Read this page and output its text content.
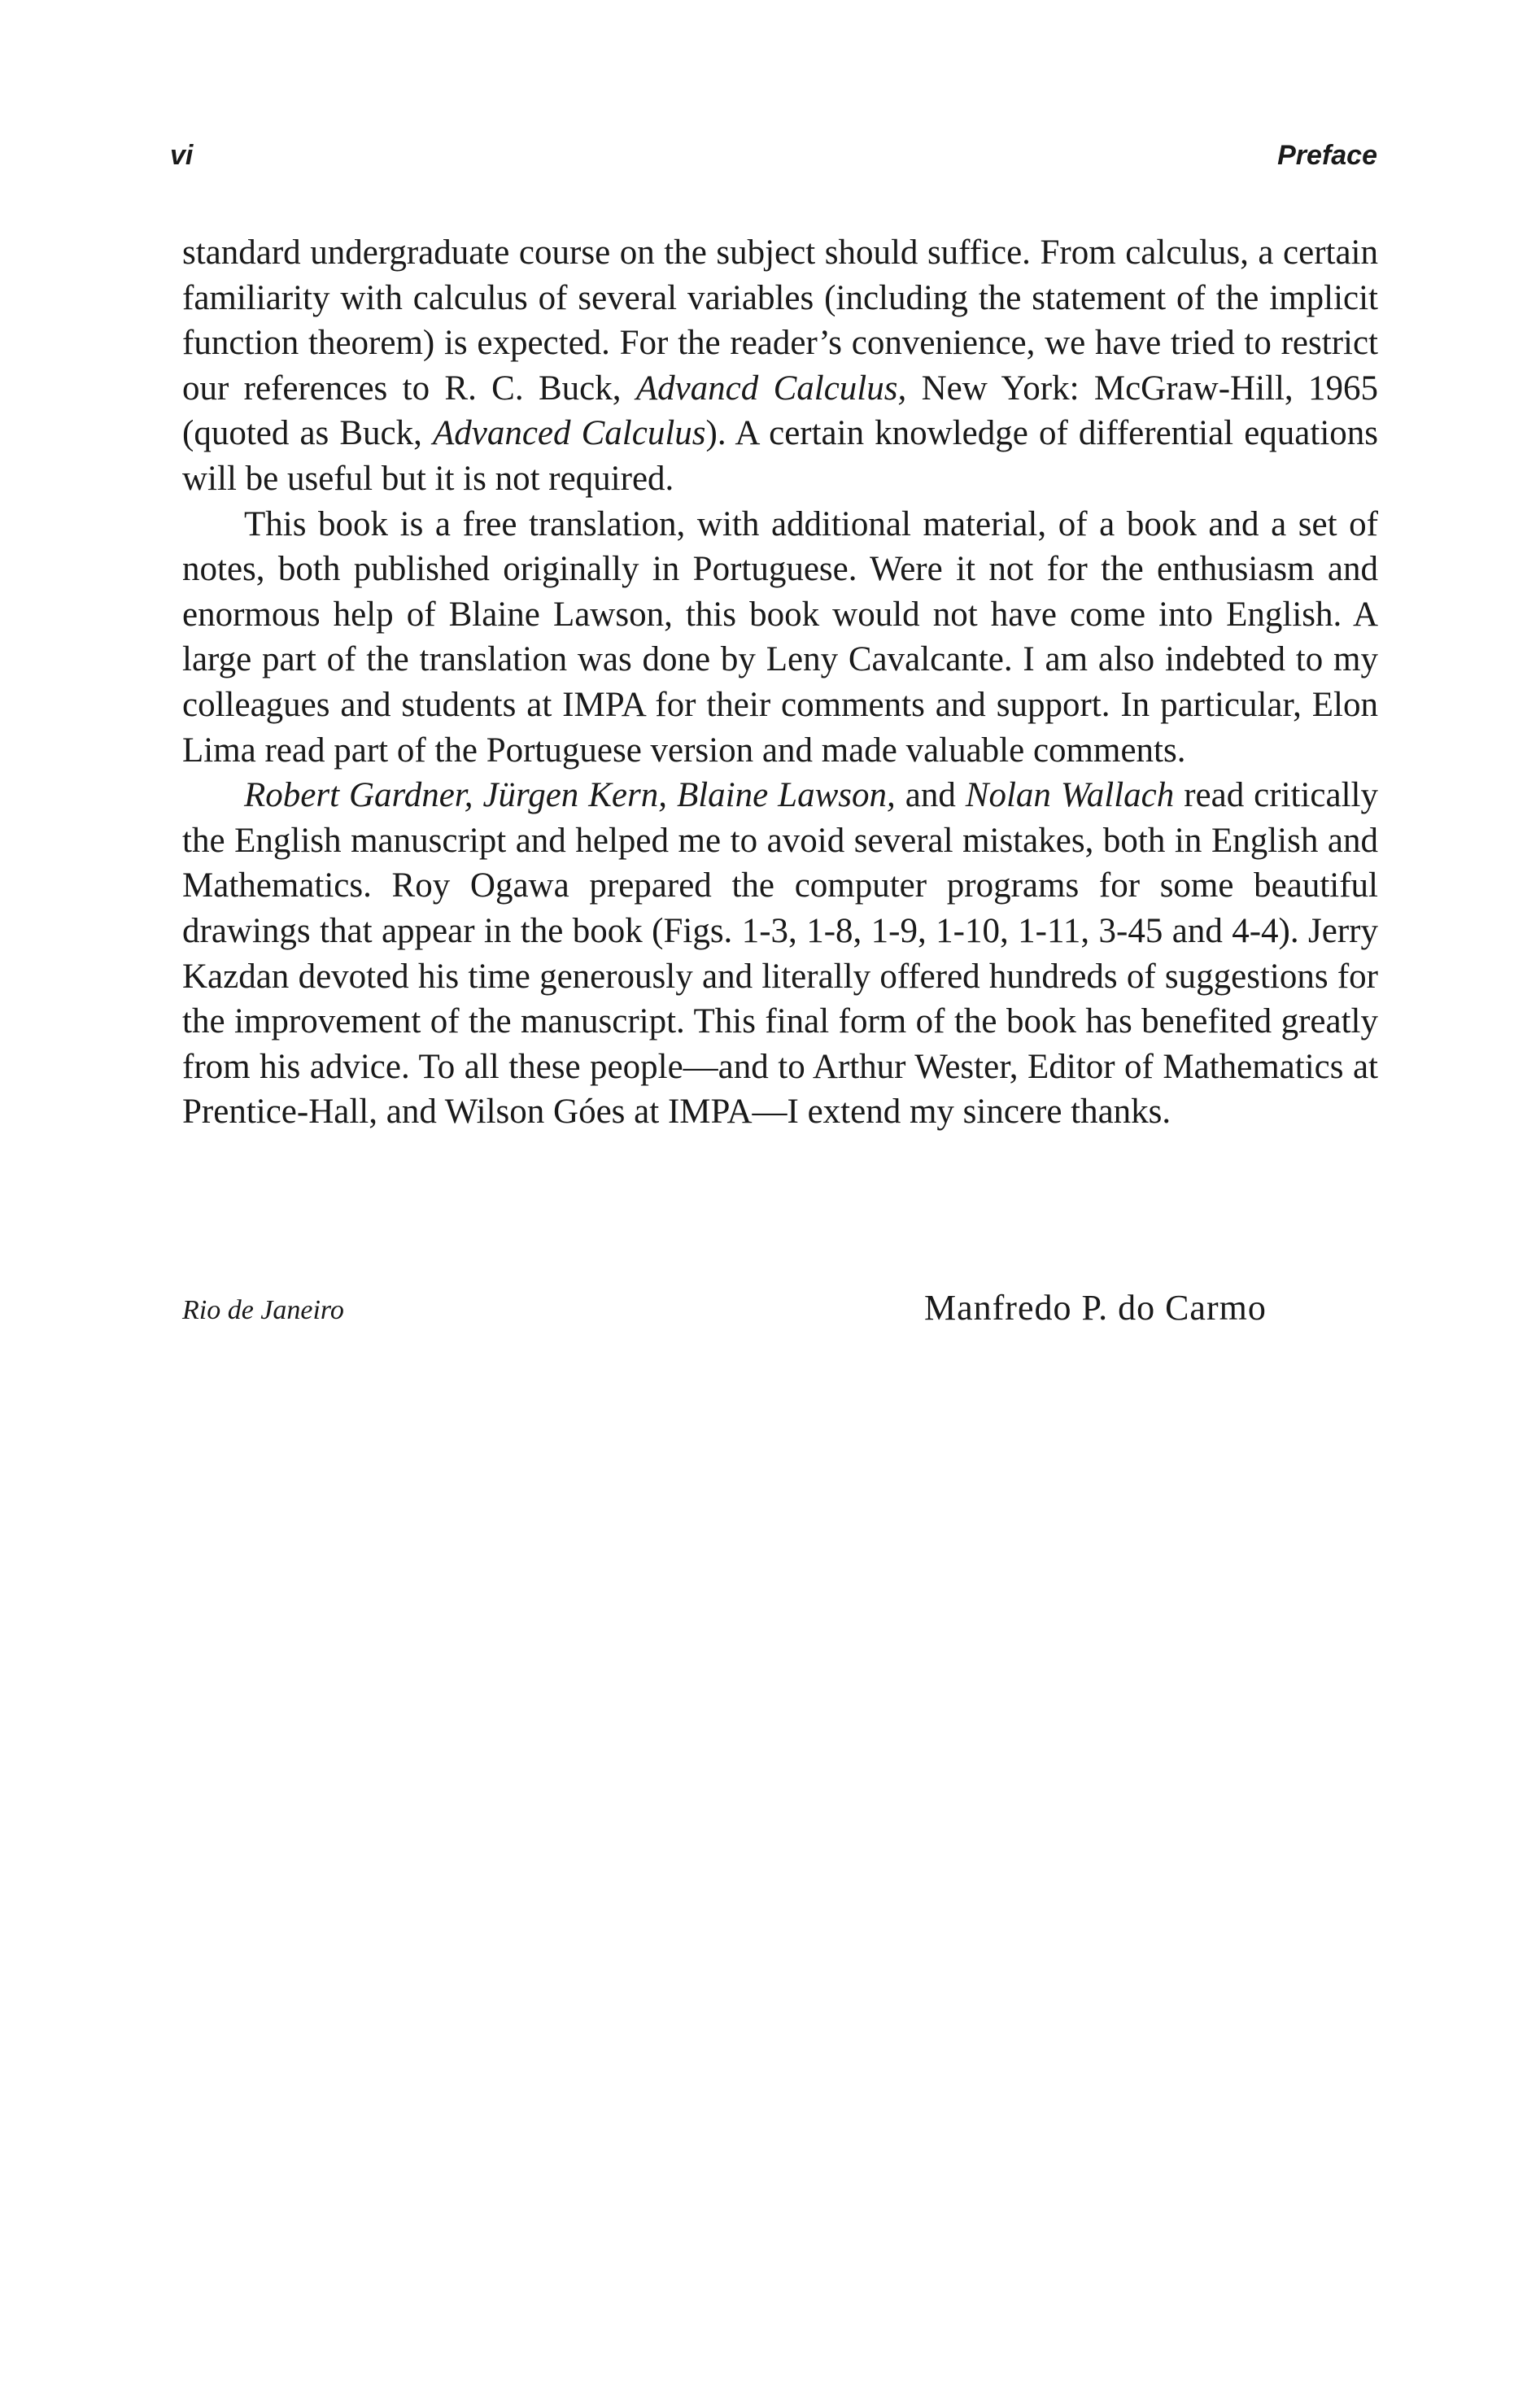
vi	Preface

standard undergraduate course on the subject should suffice. From calculus, a certain familiarity with calculus of several variables (including the statement of the implicit function theorem) is expected. For the reader’s convenience, we have tried to restrict our references to R. C. Buck, Advancd Calculus, New York: McGraw-Hill, 1965 (quoted as Buck, Advanced Calculus). A certain knowledge of differential equations will be useful but it is not required.

This book is a free translation, with additional material, of a book and a set of notes, both published originally in Portuguese. Were it not for the enthusiasm and enormous help of Blaine Lawson, this book would not have come into English. A large part of the translation was done by Leny Cavalcante. I am also indebted to my colleagues and students at IMPA for their comments and support. In particular, Elon Lima read part of the Portuguese version and made valuable comments.

Robert Gardner, Jürgen Kern, Blaine Lawson, and Nolan Wallach read critically the English manuscript and helped me to avoid several mistakes, both in English and Mathematics. Roy Ogawa prepared the computer programs for some beautiful drawings that appear in the book (Figs. 1-3, 1-8, 1-9, 1-10, 1-11, 3-45 and 4-4). Jerry Kazdan devoted his time generously and literally offered hundreds of suggestions for the improvement of the manuscript. This final form of the book has benefited greatly from his advice. To all these people—and to Arthur Wester, Editor of Mathematics at Prentice-Hall, and Wilson Góes at IMPA—I extend my sincere thanks.

Rio de Janeiro	Manfredo P. do Carmo
